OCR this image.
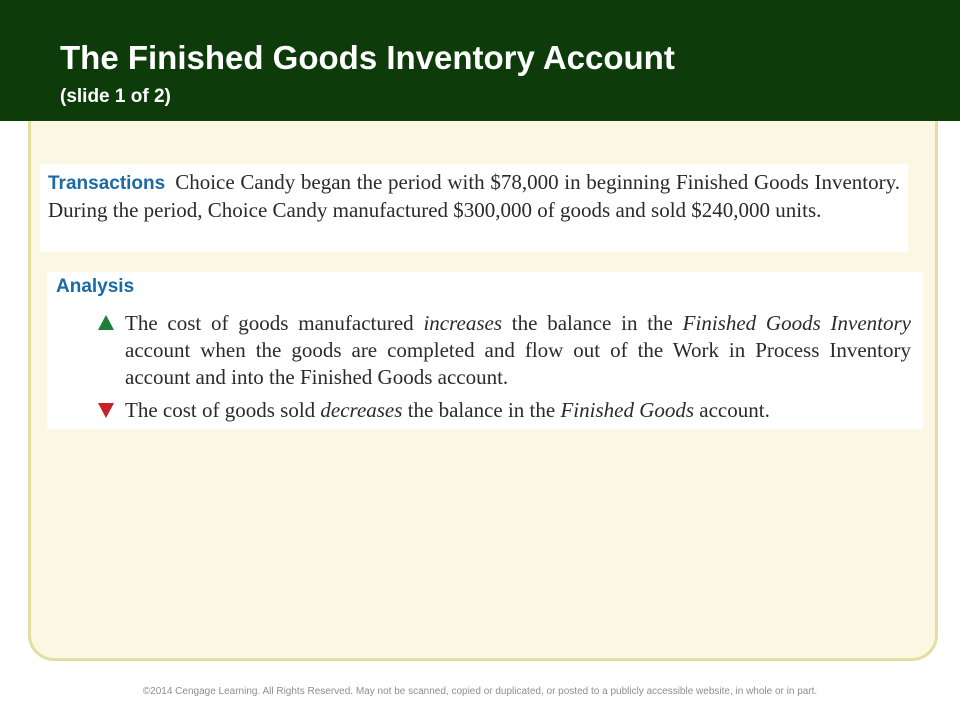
The Finished Goods Inventory Account
(slide 1 of 2)
Transactions Choice Candy began the period with $78,000 in beginning Finished Goods Inventory. During the period, Choice Candy manufactured $300,000 of goods and sold $240,000 units.
Analysis
The cost of goods manufactured increases the balance in the Finished Goods Inventory account when the goods are completed and flow out of the Work in Process Inventory account and into the Finished Goods account.
The cost of goods sold decreases the balance in the Finished Goods account.
©2014 Cengage Learning. All Rights Reserved. May not be scanned, copied or duplicated, or posted to a publicly accessible website, in whole or in part.
